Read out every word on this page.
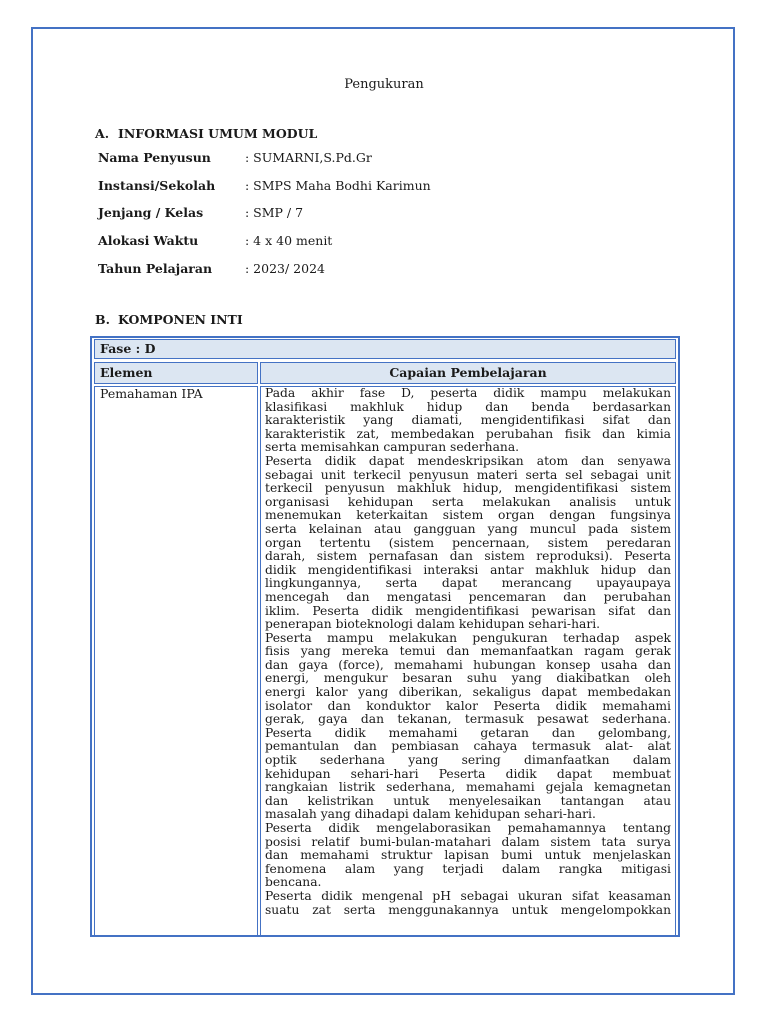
Pengukuran
A. INFORMASI UMUM MODUL
Nama Penyusun	: SUMARNI,S.Pd.Gr
Instansi/Sekolah	: SMPS Maha Bodhi Karimun
Jenjang / Kelas	: SMP / 7
Alokasi Waktu	: 4 x 40 menit
Tahun Pelajaran	: 2023/ 2024
B. KOMPONEN INTI
Fase : D
Elemen	Capaian Pembelajaran
Pemahaman IPA	Pada akhir fase D, peserta didik mampu melakukan
klasifikasi makhluk hidup dan benda berdasarkan
karakteristik yang diamati, mengidentifikasi sifat dan
karakteristik zat, membedakan perubahan fisik dan kimia
serta memisahkan campuran sederhana.
Peserta didik dapat mendeskripsikan atom dan senyawa
sebagai unit terkecil penyusun materi serta sel sebagai unit
terkecil penyusun makhluk hidup, mengidentifikasi sistem
organisasi kehidupan serta melakukan analisis untuk
menemukan keterkaitan sistem organ dengan fungsinya
serta kelainan atau gangguan yang muncul pada sistem
organ tertentu (sistem pencernaan, sistem peredaran
darah, sistem pernafasan dan sistem reproduksi). Peserta
didik mengidentifikasi interaksi antar makhluk hidup dan
lingkungannya, serta dapat merancang upayaupaya
mencegah dan mengatasi pencemaran dan perubahan
iklim. Peserta didik mengidentifikasi pewarisan sifat dan
penerapan bioteknologi dalam kehidupan sehari-hari.
Peserta mampu melakukan pengukuran terhadap aspek
fisis yang mereka temui dan memanfaatkan ragam gerak
dan gaya (force), memahami hubungan konsep usaha dan
energi, mengukur besaran suhu yang diakibatkan oleh
energi kalor yang diberikan, sekaligus dapat membedakan
isolator dan konduktor kalor Peserta didik memahami
gerak, gaya dan tekanan, termasuk pesawat sederhana.
Peserta didik memahami getaran dan gelombang,
pemantulan dan pembiasan cahaya termasuk alat- alat
optik sederhana yang sering dimanfaatkan dalam
kehidupan sehari-hari Peserta didik dapat membuat
rangkaian listrik sederhana, memahami gejala kemagnetan
dan kelistrikan untuk menyelesaikan tantangan atau
masalah yang dihadapi dalam kehidupan sehari-hari.
Peserta didik mengelaborasikan pemahamannya tentang
posisi relatif bumi-bulan-matahari dalam sistem tata surya
dan memahami struktur lapisan bumi untuk menjelaskan
fenomena alam yang terjadi dalam rangka mitigasi
bencana.
Peserta didik mengenal pH sebagai ukuran sifat keasaman
suatu zat serta menggunakannya untuk mengelompokkan
